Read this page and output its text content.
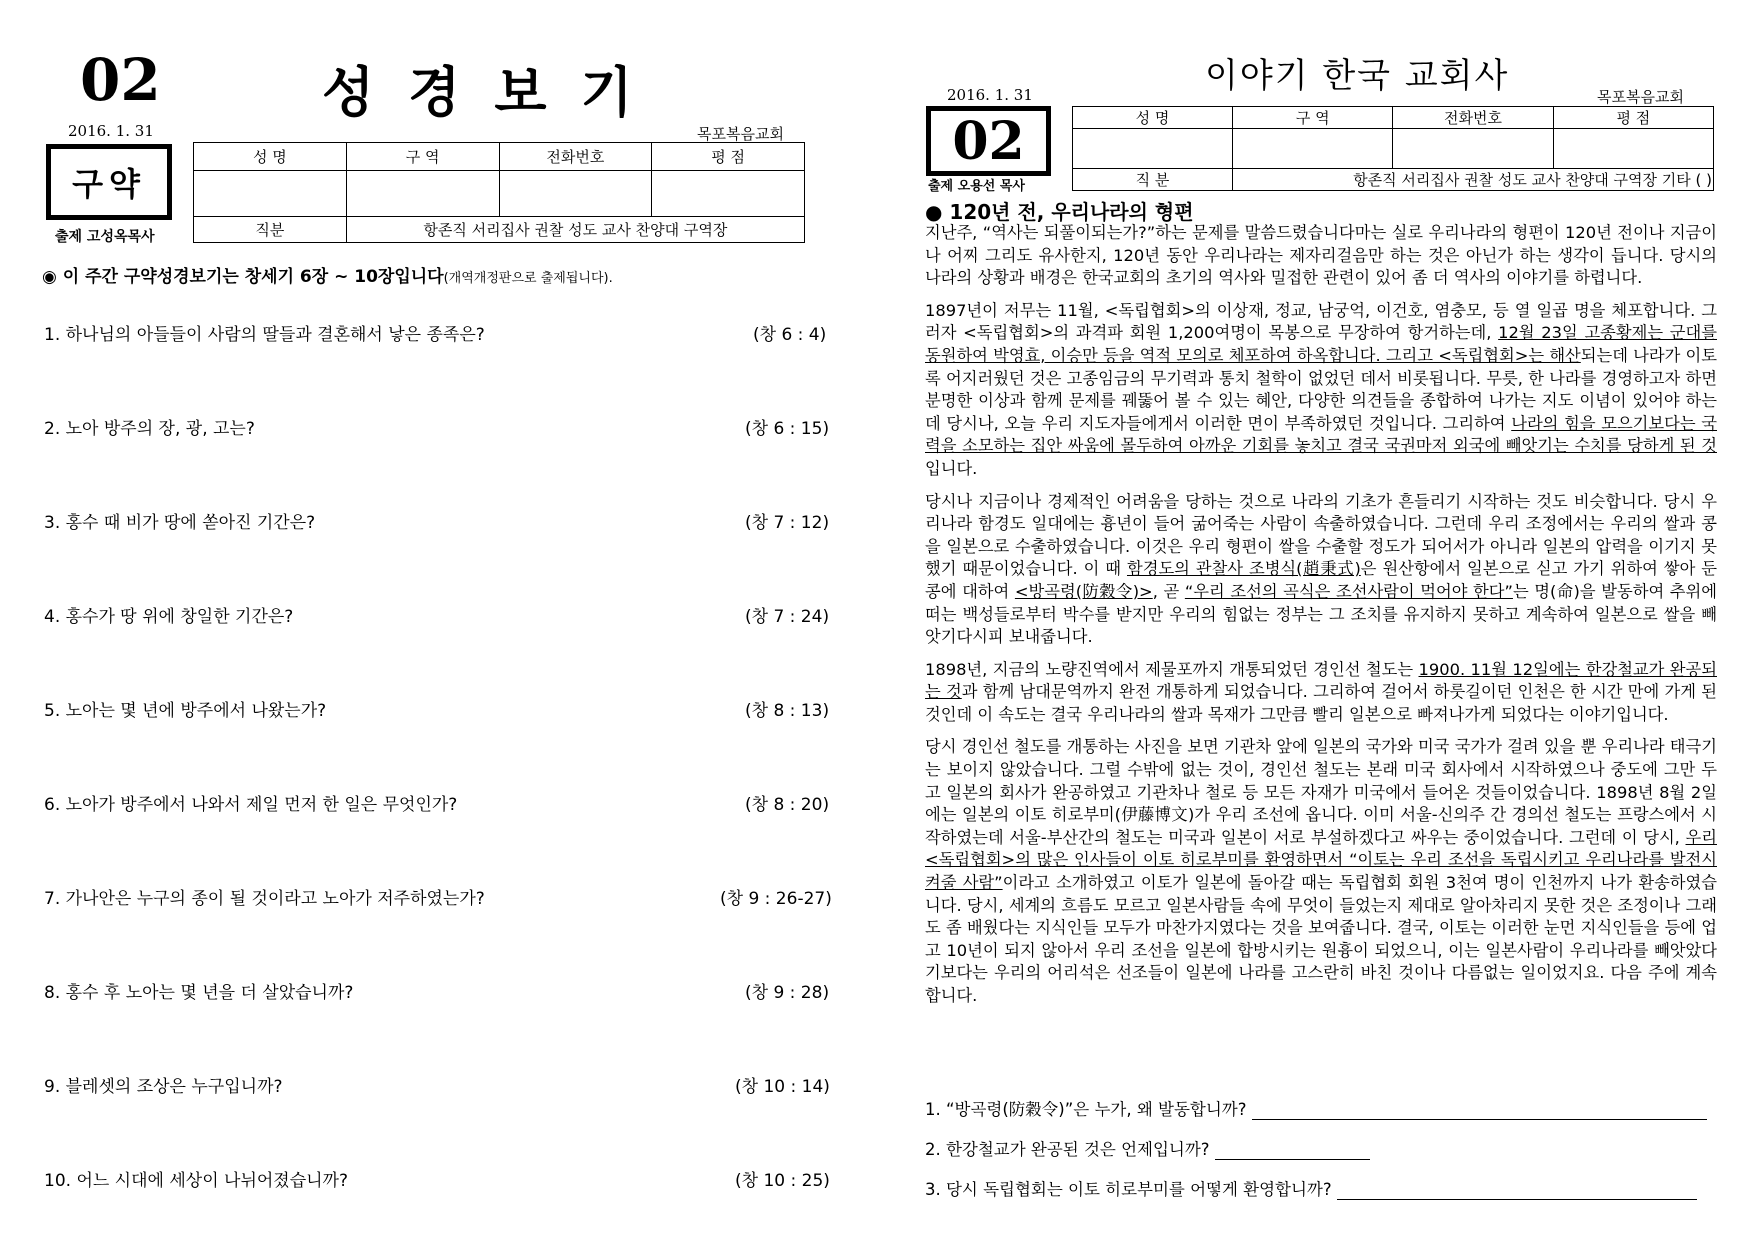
02	성경보기
2016. 1. 31	목포복음교회
구약
출제 고성옥목사
성 명	구 역	전화번호	평 점

직분	항존직 서리집사 권찰 성도 교사 찬양대 구역장		
◉ 이 주간 구약성경보기는 창세기 6장 ~ 10장입니다(개역개정판으로 출제됩니다).
1. 하나님의 아들들이 사람의 딸들과 결혼해서 낳은 종족은?	(창 6 : 4)
2. 노아 방주의 장, 광, 고는?	(창 6 : 15)
3. 홍수 때 비가 땅에 쏟아진 기간은?	(창 7 : 12)
4. 홍수가 땅 위에 창일한 기간은?	(창 7 : 24)
5. 노아는 몇 년에 방주에서 나왔는가?	(창 8 : 13)
6. 노아가 방주에서 나와서 제일 먼저 한 일은 무엇인가?	(창 8 : 20)
7. 가나안은 누구의 종이 될 것이라고 노아가 저주하였는가?	(창 9 : 26-27)
8. 홍수 후 노아는 몇 년을 더 살았습니까?	(창 9 : 28)
9. 블레셋의 조상은 누구입니까?	(창 10 : 14)
10. 어느 시대에 세상이 나뉘어졌습니까?	(창 10 : 25)
이야기 한국 교회사
2016. 1. 31	목포복음교회
02
출제 오용선 목사
성 명	구 역	전화번호	평 점

직 분	항존직 서리집사 권찰 성도 교사 찬양대 구역장 기타 ( )		
● 120년 전, 우리나라의 형편

지난주, “역사는 되풀이되는가?”하는 문제를 말씀드렸습니다마는 실로 우리나라의 형편이 120년 전이나 지금이나 어찌 그리도 유사한지, 120년 동안 우리나라는 제자리걸음만 하는 것은 아닌가 하는 생각이 듭니다. 당시의 나라의 상황과 배경은 한국교회의 초기의 역사와 밀접한 관련이 있어 좀 더 역사의 이야기를 하렵니다.

1897년이 저무는 11월, <독립협회>의 이상재, 정교, 남궁억, 이건호, 염충모, 등 열 일곱 명을 체포합니다. 그러자 <독립협회>의 과격파 회원 1,200여명이 목봉으로 무장하여 항거하는데, 12월 23일 고종황제는 군대를 동원하여 박영효, 이승만 등을 역적 모의로 체포하여 하옥합니다. 그리고 <독립협회>는 해산되는데 나라가 이토록 어지러웠던 것은 고종임금의 무기력과 통치 철학이 없었던 데서 비롯됩니다. 무릇, 한 나라를 경영하고자 하면 분명한 이상과 함께 문제를 꿰뚫어 볼 수 있는 혜안, 다양한 의견들을 종합하여 나가는 지도 이념이 있어야 하는데 당시나, 오늘 우리 지도자들에게서 이러한 면이 부족하였던 것입니다. 그리하여 나라의 힘을 모으기보다는 국력을 소모하는 집안 싸움에 몰두하여 아까운 기회를 놓치고 결국 국권마저 외국에 빼앗기는 수치를 당하게 된 것입니다.

당시나 지금이나 경제적인 어려움을 당하는 것으로 나라의 기초가 흔들리기 시작하는 것도 비슷합니다. 당시 우리나라 함경도 일대에는 흉년이 들어 굶어죽는 사람이 속출하였습니다. 그런데 우리 조정에서는 우리의 쌀과 콩을 일본으로 수출하였습니다. 이것은 우리 형편이 쌀을 수출할 정도가 되어서가 아니라 일본의 압력을 이기지 못했기 때문이었습니다. 이 때 함경도의 관찰사 조병식(趙秉式)은 원산항에서 일본으로 싣고 가기 위하여 쌓아 둔 콩에 대하여 <방곡령(防穀令)>, 곧 “우리 조선의 곡식은 조선사람이 먹어야 한다”는 명(命)을 발동하여 추위에 떠는 백성들로부터 박수를 받지만 우리의 힘없는 정부는 그 조치를 유지하지 못하고 계속하여 일본으로 쌀을 빼앗기다시피 보내줍니다.

1898년, 지금의 노량진역에서 제물포까지 개통되었던 경인선 철도는 1900. 11월 12일에는 한강철교가 완공되는 것과 함께 남대문역까지 완전 개통하게 되었습니다. 그리하여 걸어서 하룻길이던 인천은 한 시간 만에 가게 된 것인데 이 속도는 결국 우리나라의 쌀과 목재가 그만큼 빨리 일본으로 빠져나가게 되었다는 이야기입니다.

당시 경인선 철도를 개통하는 사진을 보면 기관차 앞에 일본의 국가와 미국 국가가 걸려 있을 뿐 우리나라 태극기는 보이지 않았습니다. 그럴 수밖에 없는 것이, 경인선 철도는 본래 미국 회사에서 시작하였으나 중도에 그만 두고 일본의 회사가 완공하였고 기관차나 철로 등 모든 자재가 미국에서 들어온 것들이었습니다. 1898년 8월 2일에는 일본의 이토 히로부미(伊藤博文)가 우리 조선에 옵니다. 이미 서울-신의주 간 경의선 철도는 프랑스에서 시작하였는데 서울-부산간의 철도는 미국과 일본이 서로 부설하겠다고 싸우는 중이었습니다. 그런데 이 당시, 우리<독립협회>의 많은 인사들이 이토 히로부미를 환영하면서 “이토는 우리 조선을 독립시키고 우리나라를 발전시켜줄 사람”이라고 소개하였고 이토가 일본에 돌아갈 때는 독립협회 회원 3천여 명이 인천까지 나가 환송하였습니다. 당시, 세계의 흐름도 모르고 일본사람들 속에 무엇이 들었는지 제대로 알아차리지 못한 것은 조정이나 그래도 좀 배웠다는 지식인들 모두가 마찬가지였다는 것을 보여줍니다. 결국, 이토는 이러한 눈먼 지식인들을 등에 업고 10년이 되지 않아서 우리 조선을 일본에 합방시키는 원흉이 되었으니, 이는 일본사람이 우리나라를 빼앗았다기보다는 우리의 어리석은 선조들이 일본에 나라를 고스란히 바친 것이나 다름없는 일이었지요. 다음 주에 계속합니다.

1. “방곡령(防穀令)”은 누가, 왜 발동합니까?
2. 한강철교가 완공된 것은 언제입니까?
3. 당시 독립협회는 이토 히로부미를 어떻게 환영합니까?
